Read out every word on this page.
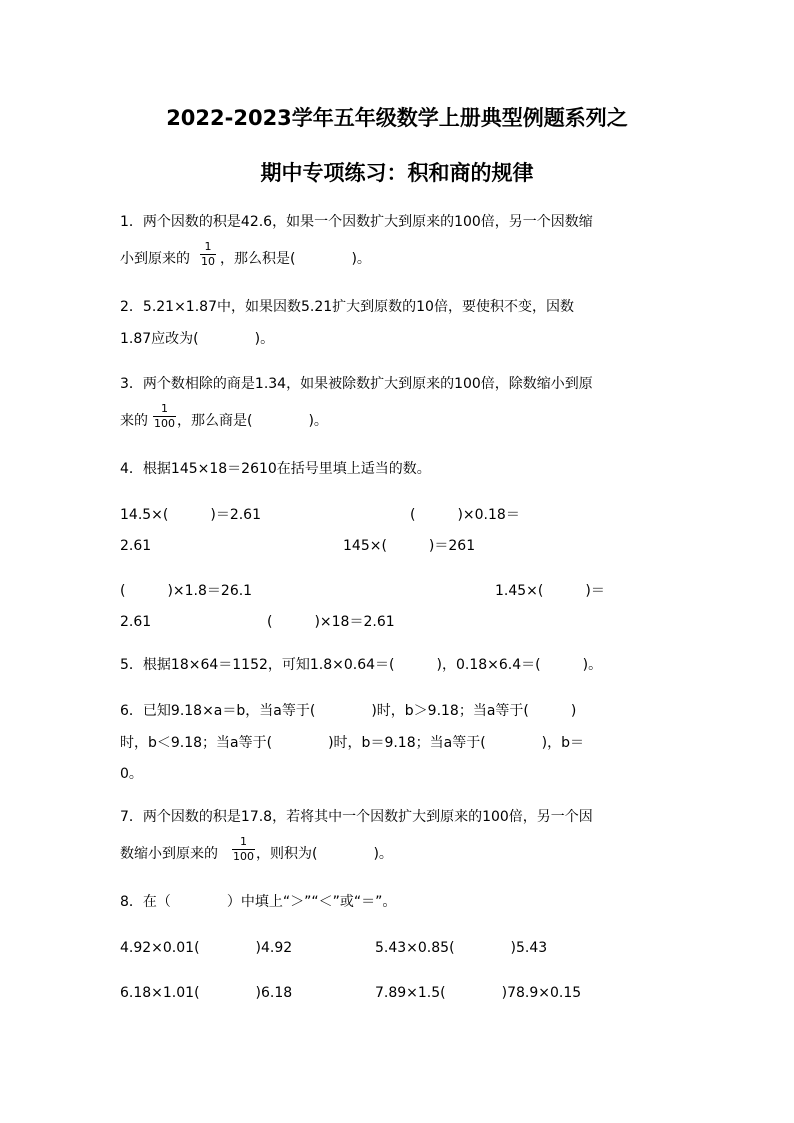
2022-2023学年五年级数学上册典型例题系列之
期中专项练习：积和商的规律
1．两个因数的积是42.6，如果一个因数扩大到原来的100倍，另一个因数缩
小到原来的
1
10 ，那么积是(　　　　)。
2．5.21×1.87中，如果因数5.21扩大到原数的10倍，要使积不变，因数
1.87应改为(　　　　)。
3．两个数相除的商是1.34，如果被除数扩大到原来的100倍，除数缩小到原
来的
1
100 ，那么商是(　　　　)。
4．根据145×18＝2610在括号里填上适当的数。
14.5×(　　　)＝2.61	(　　　)×0.18＝
2.61	145×(　　　)＝261
(　　　)×1.8＝26.1	1.45×(　　　)＝
2.61	(　　　)×18＝2.61
5．根据18×64＝1152，可知1.8×0.64＝(　　　)，0.18×6.4＝(　　　)。
6．已知9.18×a＝b，当a等于(　　　　)时，b＞9.18；当a等于(　　　)
时，b＜9.18；当a等于(　　　　)时，b＝9.18；当a等于(　　　　)，b＝
0。
7．两个因数的积是17.8，若将其中一个因数扩大到原来的100倍，另一个因
数缩小到原来的
1
100 ，则积为(　　　　)。
8．在（　　　　）中填上“＞”“＜”或“＝”。
4.92×0.01(　　　　)4.92	5.43×0.85(　　　　)5.43
6.18×1.01(　　　　)6.18	7.89×1.5(　　　　)78.9×0.15
